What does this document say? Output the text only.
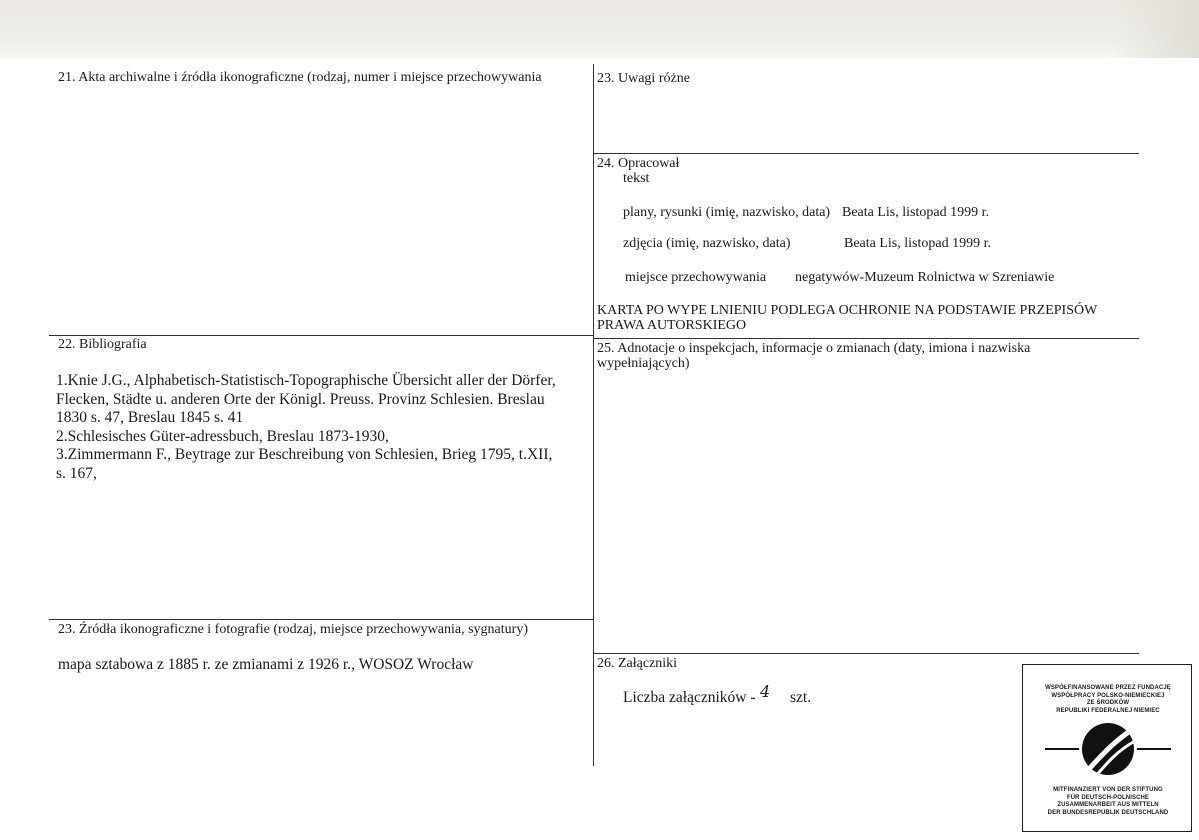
21. Akta archiwalne i źródła ikonograficzne (rodzaj, numer i miejsce przechowywania
22. Bibliografia
1.Knie J.G., Alphabetisch-Statistisch-Topographische Übersicht aller der Dörfer,
Flecken, Städte u. anderen Orte der Königl. Preuss. Provinz Schlesien. Breslau
1830 s. 47, Breslau 1845 s. 41
2.Schlesisches Güter-adressbuch, Breslau 1873-1930,
3.Zimmermann F., Beytrage zur Beschreibung von Schlesien, Brieg 1795, t.XII,
s. 167,
23. Źródła ikonograficzne i fotografie (rodzaj, miejsce przechowywania, sygnatury)
mapa sztabowa z 1885 r. ze zmianami z 1926 r., WOSOZ Wrocław
23. Uwagi różne
24. Opracował
tekst
plany, rysunki (imię, nazwisko, data) Beata Lis, listopad 1999 r.
zdjęcia (imię, nazwisko, data)	Beata Lis, listopad 1999 r.
miejsce przechowywania negatywów-Muzeum Rolnictwa w Szreniawie
KARTA PO WYPE LNIENIU PODLEGA OCHRONIE NA PODSTAWIE PRZEPISÓW
PRAWA AUTORSKIEGO
25. Adnotacje o inspekcjach, informacje o zmianach (daty, imiona i nazwiska
wypełniających)
26. Załączniki
Liczba załączników - 4 szt.
WSPÓŁFINANSOWANE PRZEZ FUNDACJĘ
WSPÓŁPRACY POLSKO-NIEMIECKIEJ
ZE ŚRODKÓW
REPUBLIKI FEDERALNEJ NIEMIEC
MITFINANZIERT VON DER STIFTUNG
FÜR DEUTSCH-POLNISCHE
ZUSAMMENARBEIT AUS MITTELN
DER BUNDESREPUBLIK DEUTSCHLAND
